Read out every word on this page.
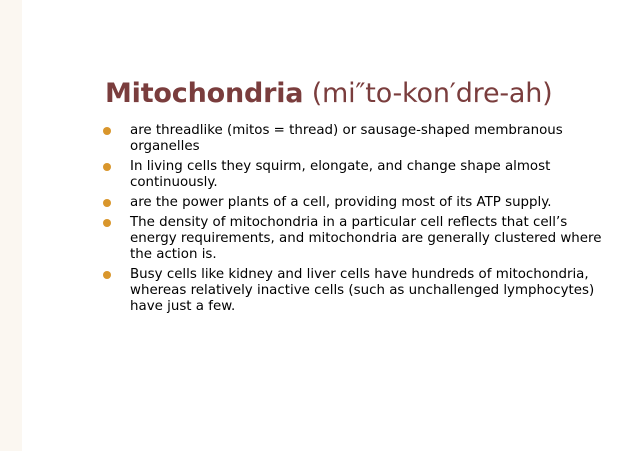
Mitochondria (mi″to-kon′dre-ah)
are threadlike (mitos = thread) or sausage-shaped membranous organelles
In living cells they squirm, elongate, and change shape almost continuously.
are the power plants of a cell, providing most of its ATP supply.
The density of mitochondria in a particular cell reflects that cell’s energy requirements, and mitochondria are generally clustered where the action is.
Busy cells like kidney and liver cells have hundreds of mitochondria, whereas relatively inactive cells (such as unchallenged lymphocytes) have just a few.
